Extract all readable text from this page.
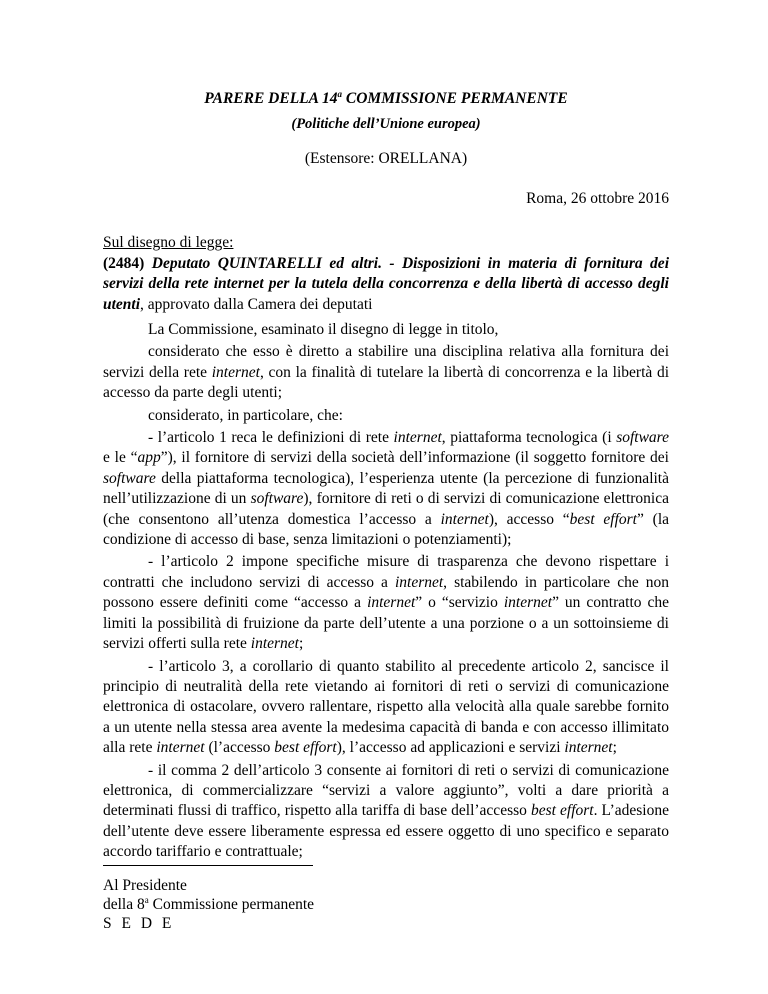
PARERE DELLA 14$^a$ COMMISSIONE PERMANENTE
(Politiche dell’Unione europea)
(Estensore: ORELLANA)
Roma, 26 ottobre 2016
Sul disegno di legge:
(2484) Deputato QUINTARELLI ed altri. - Disposizioni in materia di fornitura dei servizi della rete internet per la tutela della concorrenza e della libertà di accesso degli utenti, approvato dalla Camera dei deputati

La Commissione, esaminato il disegno di legge in titolo,

considerato che esso è diretto a stabilire una disciplina relativa alla fornitura dei servizi della rete internet, con la finalità di tutelare la libertà di concorrenza e la libertà di accesso da parte degli utenti;

considerato, in particolare, che:

- l’articolo 1 reca le definizioni di rete internet, piattaforma tecnologica (i software e le “app”), il fornitore di servizi della società dell’informazione (il soggetto fornitore dei software della piattaforma tecnologica), l’esperienza utente (la percezione di funzionalità nell’utilizzazione di un software), fornitore di reti o di servizi di comunicazione elettronica (che consentono all’utenza domestica l’accesso a internet), accesso “best effort” (la condizione di accesso di base, senza limitazioni o potenziamenti);

- l’articolo 2 impone specifiche misure di trasparenza che devono rispettare i contratti che includono servizi di accesso a internet, stabilendo in particolare che non possono essere definiti come “accesso a internet” o “servizio internet” un contratto che limiti la possibilità di fruizione da parte dell’utente a una porzione o a un sottoinsieme di servizi offerti sulla rete internet;

- l’articolo 3, a corollario di quanto stabilito al precedente articolo 2, sancisce il principio di neutralità della rete vietando ai fornitori di reti o servizi di comunicazione elettronica di ostacolare, ovvero rallentare, rispetto alla velocità alla quale sarebbe fornito a un utente nella stessa area avente la medesima capacità di banda e con accesso illimitato alla rete internet (l’accesso best effort), l’accesso ad applicazioni e servizi internet;

- il comma 2 dell’articolo 3 consente ai fornitori di reti o servizi di comunicazione elettronica, di commercializzare “servizi a valore aggiunto”, volti a dare priorità a determinati flussi di traffico, rispetto alla tariffa di base dell’accesso best effort. L’adesione dell’utente deve essere liberamente espressa ed essere oggetto di uno specifico e separato accordo tariffario e contrattuale;

Al Presidente
della 8$^a$ Commissione permanente
S E D E
